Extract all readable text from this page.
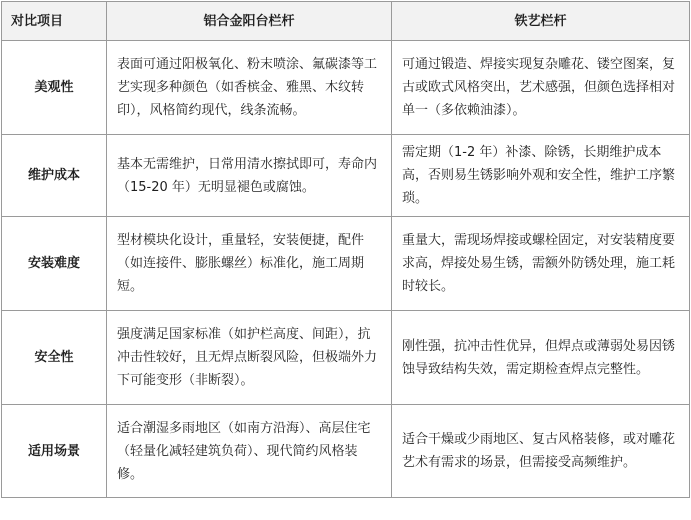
对比项目	铝合金阳台栏杆	铁艺栏杆
美观性	表面可通过阳极氧化、粉末喷涂、氟碳漆等工艺实现多种颜色（如香槟金、雅黑、木纹转印），风格简约现代，线条流畅。	可通过锻造、焊接实现复杂雕花、镂空图案，复古或欧式风格突出，艺术感强，但颜色选择相对单一（多依赖油漆）。
维护成本	基本无需维护，日常用清水擦拭即可，寿命内（15-20 年）无明显褪色或腐蚀。	需定期（1-2 年）补漆、除锈，长期维护成本高，否则易生锈影响外观和安全性，维护工序繁琐。
安装难度	型材模块化设计，重量轻，安装便捷，配件（如连接件、膨胀螺丝）标准化，施工周期短。	重量大，需现场焊接或螺栓固定，对安装精度要求高，焊接处易生锈，需额外防锈处理，施工耗时较长。
安全性	强度满足国家标准（如护栏高度、间距），抗冲击性较好，且无焊点断裂风险，但极端外力下可能变形（非断裂）。	刚性强，抗冲击性优异，但焊点或薄弱处易因锈蚀导致结构失效，需定期检查焊点完整性。
适用场景	适合潮湿多雨地区（如南方沿海）、高层住宅（轻量化减轻建筑负荷）、现代简约风格装修。	适合干燥或少雨地区、复古风格装修，或对雕花艺术有需求的场景，但需接受高频维护。
